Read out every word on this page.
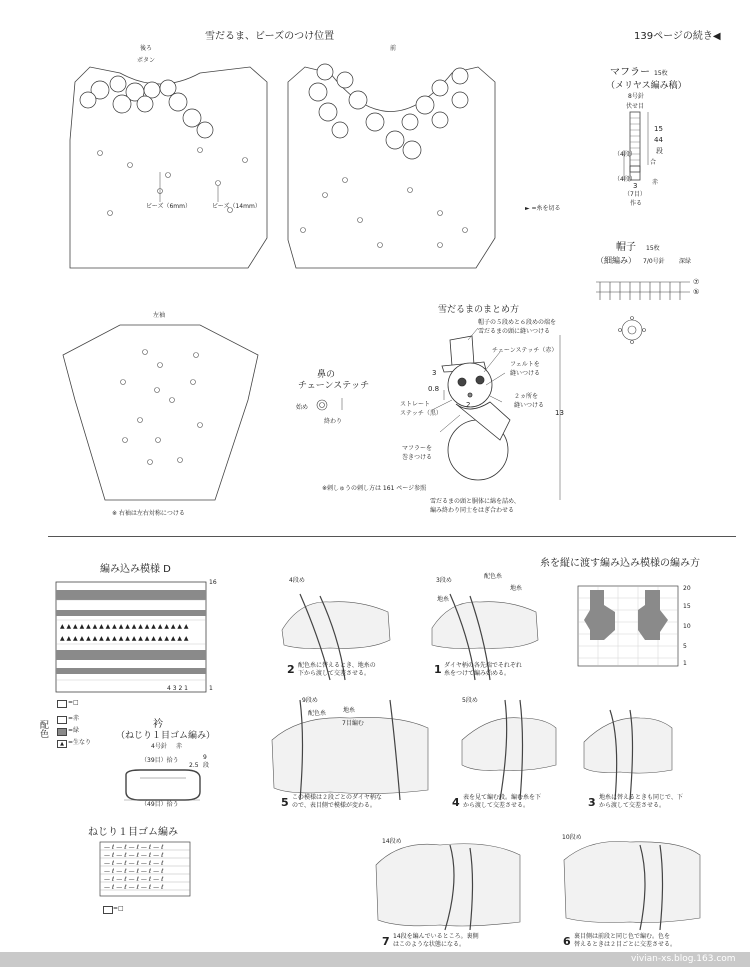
雪だるま、ビーズのつけ位置	139ページの続き◀
後ろ
ボタン
ビーズ（6mm）	ビーズ（14mm）
前
► =糸を切る
マフラー 15枚
（メリヤス編み稿）
8号針
伏せ目
15
44
段
合
（4段）
（4段）	赤
3
（7目）
作る
帽子 15枚
（細編み） 7/0号針 深緑
⑦
⑤
左袖
※ 右袖は左右対称につける
鼻の
チェーンステッチ
始め
終わり
雪だるまのまとめ方
帽子の５段めと６段めの端を
雪だるまの頭に縫いつける
チェーンステッチ（赤）
フェルトを
縫いつける
3
0.8
2
13
ストレート
ステッチ（黒）
２ヵ所を
縫いつける
マフラーを
巻きつける
※刺しゅうの刺し方は 161 ページ参照
雪だるまの頭と胴体に綿を詰め、
編み終わり同士をはぎ合わせる
編み込み模様 D
▲ ▲ ▲ ▲ ▲ ▲ ▲ ▲ ▲ ▲ ▲ ▲ ▲ ▲ ▲ ▲ ▲ ▲ ▲ ▲
▲ ▲ ▲ ▲ ▲ ▲ ▲ ▲ ▲ ▲ ▲ ▲ ▲ ▲ ▲ ▲ ▲ ▲ ▲ ▲
16
1
4 3 2 1
=□
配色
=赤
=緑
▲ =生なり
衿
（ねじり１目ゴム編み）
4号針 赤
（39目）拾う
（49目）拾う
2.5
9
段
ねじり１目ゴム編み
— ℓ — ℓ — ℓ — ℓ — ℓ
— ℓ — ℓ — ℓ — ℓ — ℓ
— ℓ — ℓ — ℓ — ℓ — ℓ
— ℓ — ℓ — ℓ — ℓ — ℓ
— ℓ — ℓ — ℓ — ℓ — ℓ
— ℓ — ℓ — ℓ — ℓ — ℓ
=□
糸を縦に渡す編み込み模様の編み方
20
15
10
5
1
4段め
2 配色糸に替えるとき、地糸の
下から渡して交差させる。
3段め
配色糸
地糸
地糸
1 ダイヤ柄の各先端でそれぞれ
糸をつけて編み始める。
9段め
配色糸	地糸
7目編む
5 この模様は２段ごとのダイヤ柄な
ので、表目側で模様が変わる。
5段め
4 表を見て編む段。編む糸を下
から渡して交差させる。	3 地糸に替えるときも同じで、下
から渡して交差させる。
14段め
7 14段を編んでいるところ。裏側
はこのような状態になる。
10段め
6 裏目側は前段と同じ色で編む。色を
替えるときは２目ごとに交差させる。
vivian-xs.blog.163.com
